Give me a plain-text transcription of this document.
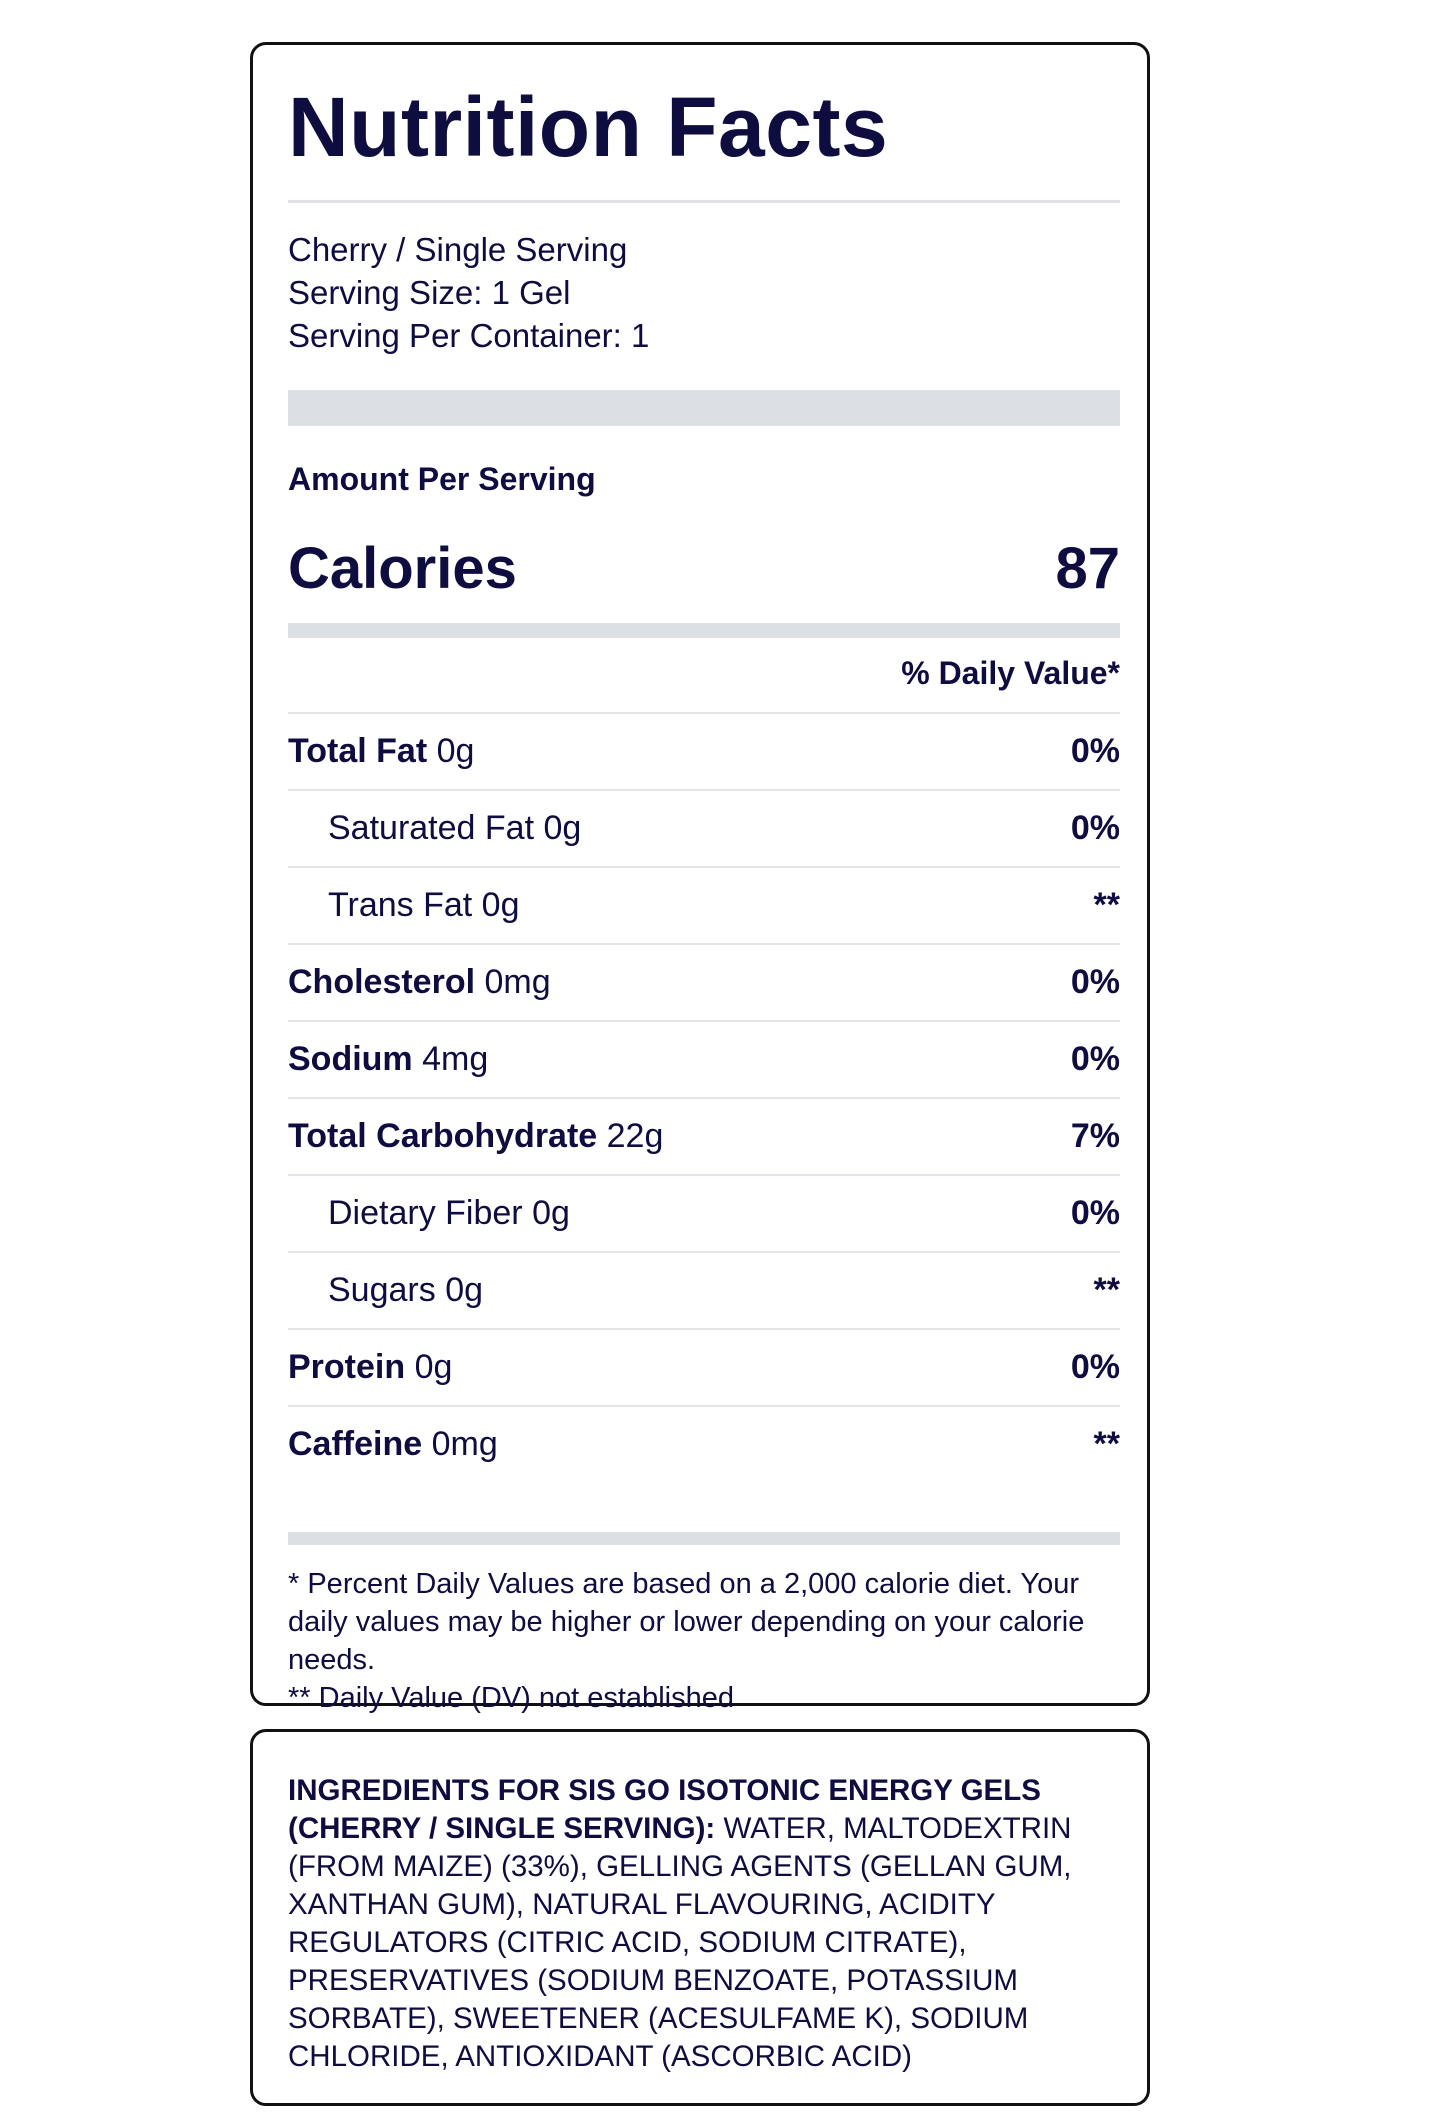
Nutrition Facts
Cherry / Single Serving
Serving Size: 1 Gel
Serving Per Container: 1
Amount Per Serving
Calories	87
% Daily Value*
Total Fat 0g	0%
Saturated Fat 0g	0%
Trans Fat 0g	**
Cholesterol 0mg	0%
Sodium 4mg	0%
Total Carbohydrate 22g	7%
Dietary Fiber 0g	0%
Sugars 0g	**
Protein 0g	0%
Caffeine 0mg	**

* Percent Daily Values are based on a 2,000 calorie diet. Your daily values may be higher or lower depending on your calorie needs.

** Daily Value (DV) not established

INGREDIENTS FOR SIS GO ISOTONIC ENERGY GELS (CHERRY / SINGLE SERVING): WATER, MALTODEXTRIN (FROM MAIZE) (33%), GELLING AGENTS (GELLAN GUM, XANTHAN GUM), NATURAL FLAVOURING, ACIDITY REGULATORS (CITRIC ACID, SODIUM CITRATE), PRESERVATIVES (SODIUM BENZOATE, POTASSIUM SORBATE), SWEETENER (ACESULFAME K), SODIUM CHLORIDE, ANTIOXIDANT (ASCORBIC ACID)
